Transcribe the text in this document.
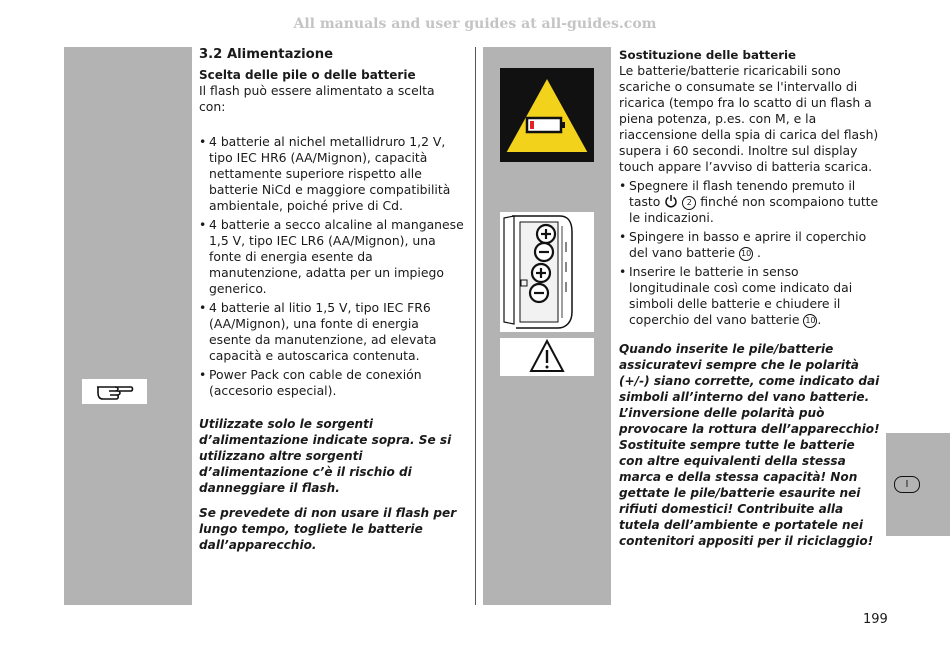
All manuals and user guides at all-guides.com
3.2 Alimentazione

Scelta delle pile o delle batterie

Il flash può essere alimentato a scelta con:

• 4 batterie al nichel metallidruro 1,2 V, tipo IEC HR6 (AA/Mignon), capacità nettamente superiore rispetto alle batterie NiCd e maggiore compatibilità ambientale, poiché prive di Cd.
• 4 batterie a secco alcaline al manganese 1,5 V, tipo IEC LR6 (AA/Mignon), una fonte di energia esente da manutenzione, adatta per un impiego generico.
• 4 batterie al litio 1,5 V, tipo IEC FR6 (AA/Mignon), una fonte di energia esente da manutenzione, ad elevata capacità e autoscarica contenuta.
• Power Pack con cable de conexión (accesorio especial).

Utilizzate solo le sorgenti d’alimentazione indicate sopra. Se si utilizzano altre sorgenti d’alimentazione c’è il rischio di danneggiare il flash.

Se prevedete di non usare il flash per lungo tempo, togliete le batterie dall’apparecchio.

Sostituzione delle batterie

Le batterie/batterie ricaricabili sono scariche o consumate se l'intervallo di ricarica (tempo fra lo scatto di un flash a piena potenza, p.es. con M, e la riaccensione della spia di carica del flash) supera i 60 secondi. Inoltre sul display touch appare l’avviso di batteria scarica.

• Spegnere il flash tenendo premuto il tasto	2 finché non scompaiono tutte le indicazioni.
• Spingere in basso e aprire il coperchio del vano batterie 10 .
• Inserire le batterie in senso longitudinale così come indicato dai simboli delle batterie e chiudere il coperchio del vano batterie 10 .

Quando inserite le pile/batterie assicuratevi sempre che le polarità (+/-) siano corrette, come indicato dai simboli all’interno del vano batterie. L’inversione delle polarità può provocare la rottura dell’apparecchio! Sostituite sempre tutte le batterie con altre equivalenti della stessa marca e della stessa capacità! Non gettate le pile/batterie esaurite nei rifiuti domestici! Contribuite alla tutela dell’ambiente e portatele nei contenitori appositi per il riciclaggio!

I
199
